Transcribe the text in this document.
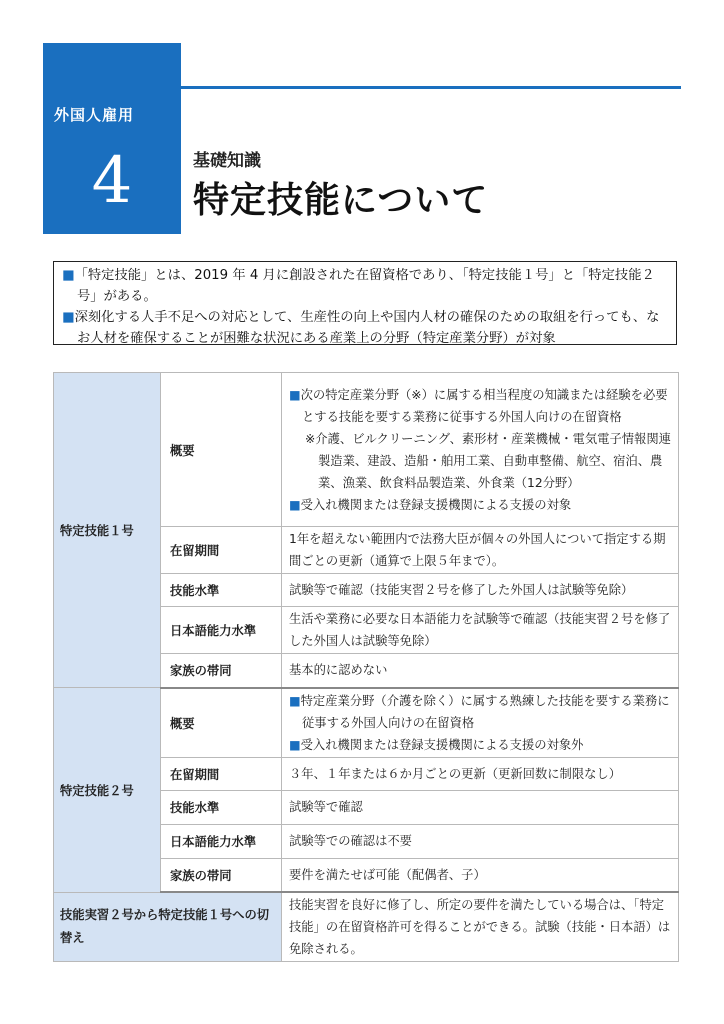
外国人雇用
4	基礎知識
特定技能について

■「特定技能」とは、2019 年 4 月に創設された在留資格であり、「特定技能１号」と「特定技能２号」がある。

■深刻化する人手不足への対応として、生産性の向上や国内人材の確保のための取組を行っても、なお人材を確保することが困難な状況にある産業上の分野（特定産業分野）が対象

特定技能１号	概要	■次の特定産業分野（※）に属する相当程度の知識または経験を必要とする技能を要する業務に従事する外国人向けの在留資格
※介護、ビルクリーニング、素形材・産業機械・電気電子情報関連製造業、建設、造船・舶用工業、自動車整備、航空、宿泊、農業、漁業、飲食料品製造業、外食業（12分野）
■受入れ機関または登録支援機関による支援の対象

	在留期間	1年を超えない範囲内で法務大臣が個々の外国人について指定する期間ごとの更新（通算で上限５年まで）。
	技能水準	試験等で確認（技能実習２号を修了した外国人は試験等免除）
	日本語能力水準	生活や業務に必要な日本語能力を試験等で確認（技能実習２号を修了した外国人は試験等免除）
	家族の帯同	基本的に認めない
特定技能２号	概要	■特定産業分野（介護を除く）に属する熟練した技能を要する業務に従事する外国人向けの在留資格
■受入れ機関または登録支援機関による支援の対象外

	在留期間	３年、１年または６か月ごとの更新（更新回数に制限なし）
	技能水準	試験等で確認
	日本語能力水準	試験等での確認は不要
	家族の帯同	要件を満たせば可能（配偶者、子）
技能実習２号から特定技能１号への切替え		技能実習を良好に修了し、所定の要件を満たしている場合は、「特定技能」の在留資格許可を得ることができる。試験（技能・日本語）は免除される。
